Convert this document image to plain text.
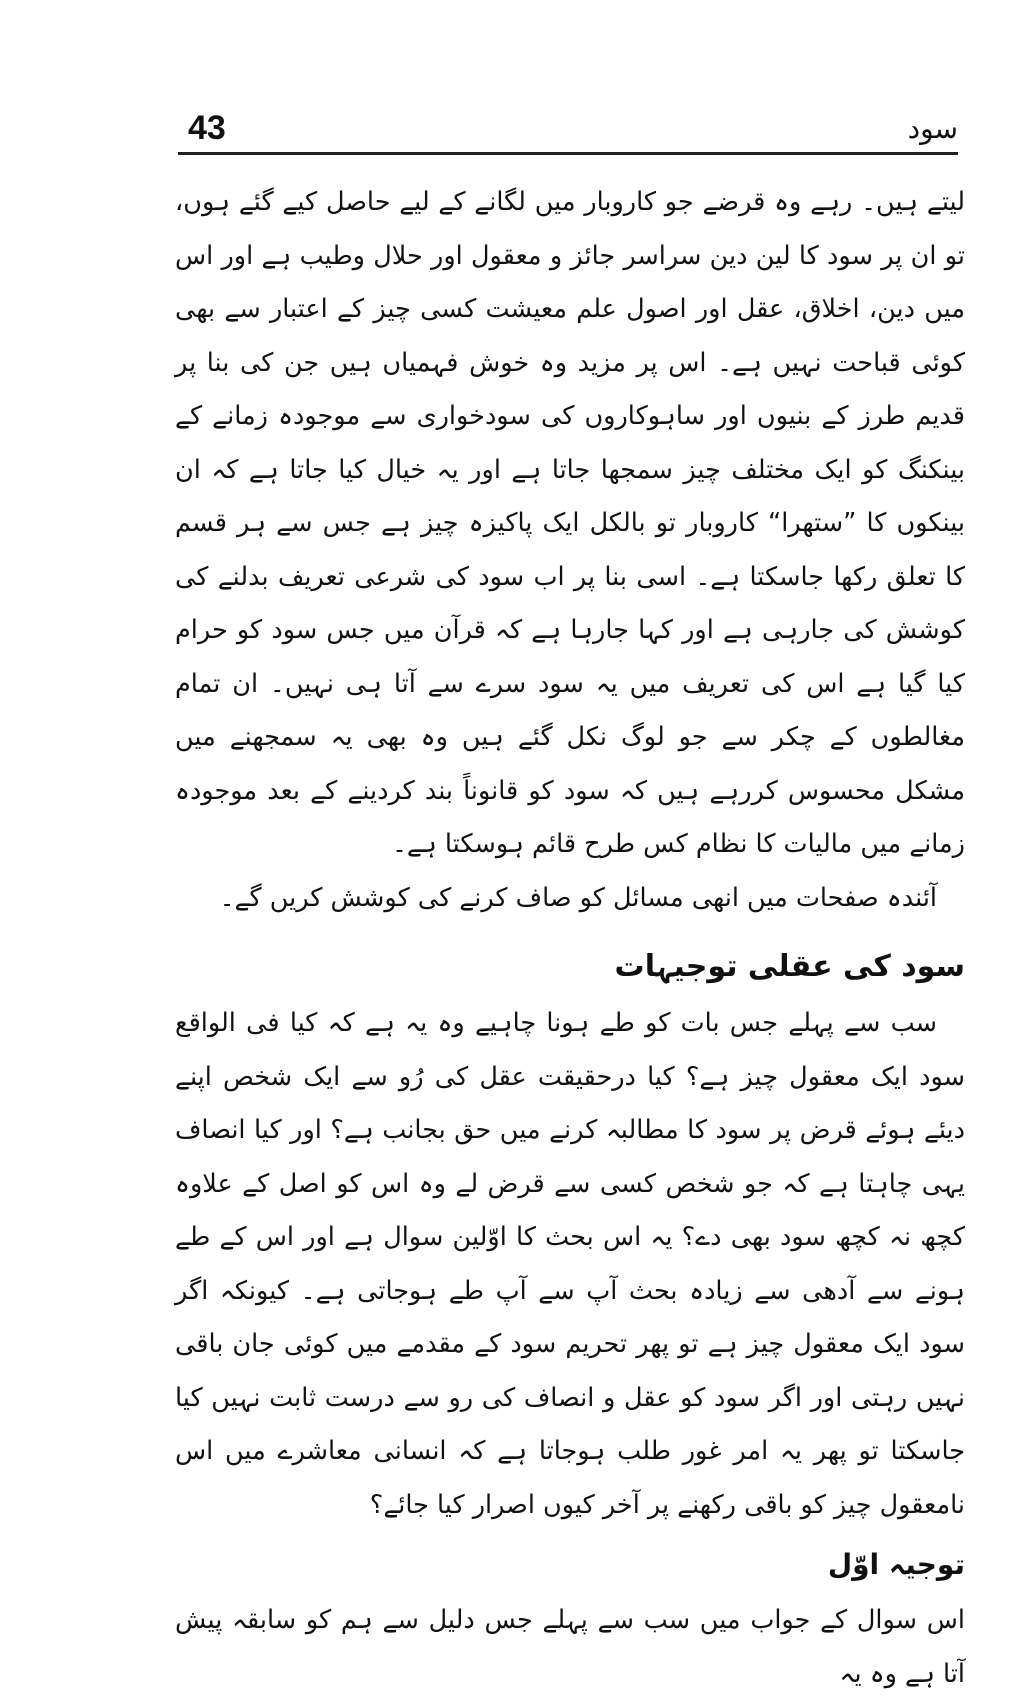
43	سود

لیتے ہیں۔ رہے وہ قرضے جو کاروبار میں لگانے کے لیے حاصل کیے گئے ہوں، تو ان پر سود کا لین دین سراسر جائز و معقول اور حلال وطیب ہے اور اس میں دین، اخلاق، عقل اور اصول علم معیشت کسی چیز کے اعتبار سے بھی کوئی قباحت نہیں ہے۔ اس پر مزید وہ خوش فہمیاں ہیں جن کی بنا پر قدیم طرز کے بنیوں اور ساہوکاروں کی سودخواری سے موجودہ زمانے کے بینکنگ کو ایک مختلف چیز سمجھا جاتا ہے اور یہ خیال کیا جاتا ہے کہ ان بینکوں کا ”ستھرا“ کاروبار تو بالکل ایک پاکیزہ چیز ہے جس سے ہر قسم کا تعلق رکھا جاسکتا ہے۔ اسی بنا پر اب سود کی شرعی تعریف بدلنے کی کوشش کی جارہی ہے اور کہا جارہا ہے کہ قرآن میں جس سود کو حرام کیا گیا ہے اس کی تعریف میں یہ سود سرے سے آتا ہی نہیں۔ ان تمام مغالطوں کے چکر سے جو لوگ نکل گئے ہیں وہ بھی یہ سمجھنے میں مشکل محسوس کررہے ہیں کہ سود کو قانوناً بند کردینے کے بعد موجودہ زمانے میں مالیات کا نظام کس طرح قائم ہوسکتا ہے۔

آئندہ صفحات میں انھی مسائل کو صاف کرنے کی کوشش کریں گے۔

سود کی عقلی توجیہات

سب سے پہلے جس بات کو طے ہونا چاہیے وہ یہ ہے کہ کیا فی الواقع سود ایک معقول چیز ہے؟ کیا درحقیقت عقل کی رُو سے ایک شخص اپنے دیئے ہوئے قرض پر سود کا مطالبہ کرنے میں حق بجانب ہے؟ اور کیا انصاف یہی چاہتا ہے کہ جو شخص کسی سے قرض لے وہ اس کو اصل کے علاوہ کچھ نہ کچھ سود بھی دے؟ یہ اس بحث کا اوّلین سوال ہے اور اس کے طے ہونے سے آدھی سے زیادہ بحث آپ سے آپ طے ہوجاتی ہے۔ کیونکہ اگر سود ایک معقول چیز ہے تو پھر تحریم سود کے مقدمے میں کوئی جان باقی نہیں رہتی اور اگر سود کو عقل و انصاف کی رو سے درست ثابت نہیں کیا جاسکتا تو پھر یہ امر غور طلب ہوجاتا ہے کہ انسانی معاشرے میں اس نامعقول چیز کو باقی رکھنے پر آخر کیوں اصرار کیا جائے؟

توجیہ اوّل

اس سوال کے جواب میں سب سے پہلے جس دلیل سے ہم کو سابقہ پیش آتا ہے وہ یہ
